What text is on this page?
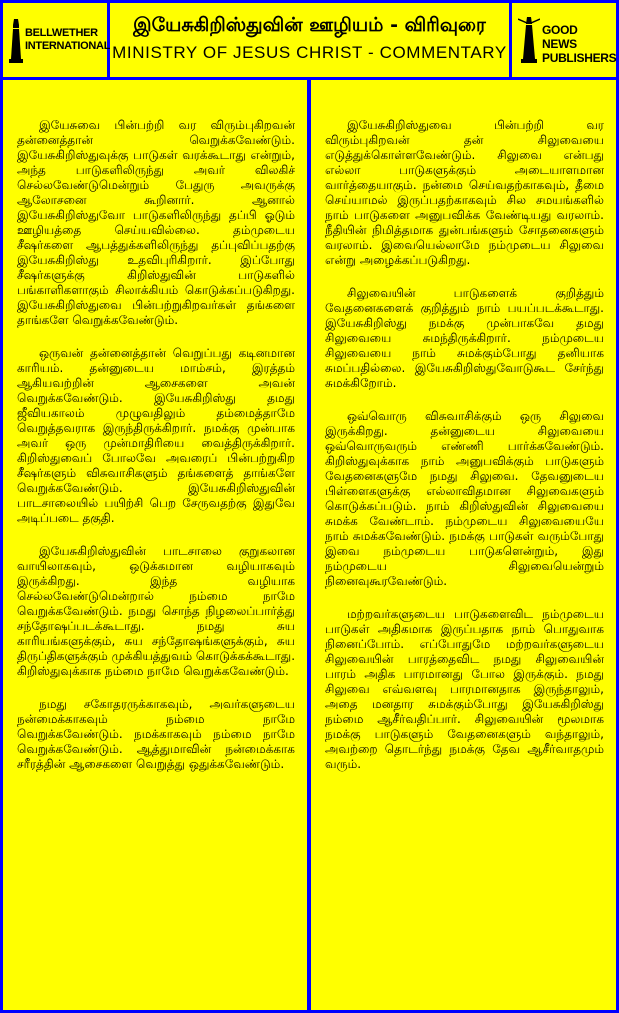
BELLWETHER
INTERNATIONAL
இயேசுகிறிஸ்துவின் ஊழியம் - விரிவுரை
MINISTRY OF JESUS CHRIST - COMMENTARY
GOOD NEWS
PUBLISHERS

இயேசுவை பின்பற்றி வர விரும்புகிறவன் தன்னைத்தான் வெறுக்கவேண்டும். இயேசுகிறிஸ்துவுக்கு பாடுகள் வரக்கூடாது என்றும், அந்த பாடுகளிலிருந்து அவர் விலகிச் செல்லவேண்டுமென்றும் பேதுரு அவருக்கு ஆலோசனை கூறினார். ஆனால் இயேசுகிறிஸ்துவோ பாடுகளிலிருந்து தப்பி ஓடும் ஊழியத்தை செய்யவில்லை. தம்முடைய சீஷர்களை ஆபத்துக்களிலிருந்து தப்புவிப்பதற்கு இயேசுகிறிஸ்து உதவிபுரிகிறார். இப்போது சீஷர்களுக்கு கிறிஸ்துவின் பாடுகளில் பங்காளிகளாகும் சிலாக்கியம் கொடுக்கப்படுகிறது. இயேசுகிறிஸ்துவை பின்பற்றுகிறவர்கள் தங்களை தாங்களே வெறுக்கவேண்டும்.

ஒருவன் தன்னைத்தான் வெறுப்பது கடினமான காரியம். தன்னுடைய மாம்சம், இரத்தம் ஆகியவற்றின் ஆசைகளை அவன் வெறுக்கவேண்டும். இயேசுகிறிஸ்து தமது ஜீவியகாலம் முழுவதிலும் தம்மைத்தாமே வெறுத்தவராக இருந்திருக்கிறார். நமக்கு முன்பாக அவர் ஒரு முன்மாதிரியை வைத்திருக்கிறார். கிறிஸ்துவைப் போலவே அவரைப் பின்பற்றுகிற சீஷர்களும் விசுவாசிகளும் தங்களைத் தாங்களே வெறுக்கவேண்டும். இயேசுகிறிஸ்துவின் பாடசாலையில் பயிற்சி பெற சேருவதற்கு இதுவே அடிப்படை தகுதி.

இயேசுகிறிஸ்துவின் பாடசாலை குறுகலான வாயிலாகவும், ஒடுக்கமான வழியாகவும் இருக்கிறது. இந்த வழியாக செல்லவேண்டுமென்றால் நம்மை நாமே வெறுக்கவேண்டும். நமது சொந்த நிழலைப்பார்த்து சந்தோஷப்படக்கூடாது. நமது சுய காரியங்களுக்கும், சுய சந்தோஷங்களுக்கும், சுய திருப்திகளுக்கும் முக்கியத்துவம் கொடுக்கக்கூடாது. கிறிஸ்துவுக்காக நம்மை நாமே வெறுக்கவேண்டும்.

நமது சகோதரருக்காகவும், அவர்களுடைய நன்மைக்காகவும் நம்மை நாமே வெறுக்கவேண்டும். நமக்காகவும் நம்மை நாமே வெறுக்கவேண்டும். ஆத்துமாவின் நன்மைக்காக சரீரத்தின் ஆசைகளை வெறுத்து ஒதுக்கவேண்டும்.

இயேசுகிறிஸ்துவை பின்பற்றி வர விரும்புகிறவன் தன் சிலுவையை எடுத்துக்கொள்ளவேண்டும். சிலுவை என்பது எல்லா பாடுகளுக்கும் அடையாளமான வார்த்தையாகும். நன்மை செய்வதற்காகவும், தீமை செய்யாமல் இருப்பதற்காகவும் சில சமயங்களில் நாம் பாடுகளை அனுபவிக்க வேண்டியது வரலாம். நீதியின் நிமித்தமாக துன்பங்களும் சோதனைகளும் வரலாம். இவையெல்லாமே நம்முடைய சிலுவை என்று அழைக்கப்படுகிறது.

சிலுவையின் பாடுகளைக் குறித்தும் வேதனைகளைக் குறித்தும் நாம் பயப்படக்கூடாது. இயேசுகிறிஸ்து நமக்கு முன்பாகவே தமது சிலுவையை சுமந்திருக்கிறார். நம்முடைய சிலுவையை நாம் சுமக்கும்போது தனியாக சுமப்பதில்லை. இயேசுகிறிஸ்துவோடுகூட சேர்ந்து சுமக்கிறோம்.

ஒவ்வொரு விசுவாசிக்கும் ஒரு சிலுவை இருக்கிறது. தன்னுடைய சிலுவையை ஒவ்வொருவரும் எண்ணி பார்க்கவேண்டும். கிறிஸ்துவுக்காக நாம் அனுபவிக்கும் பாடுகளும் வேதனைகளுமே நமது சிலுவை. தேவனுடைய பிள்ளைகளுக்கு எல்லாவிதமான சிலுவைகளும் கொடுக்கப்படும். நாம் கிறிஸ்துவின் சிலுவையை சுமக்க வேண்டாம். நம்முடைய சிலுவையையே நாம் சுமக்கவேண்டும். நமக்கு பாடுகள் வரும்போது இவை நம்முடைய பாடுகளென்றும், இது நம்முடைய சிலுவையென்றும் நினைவுகூரவேண்டும்.

மற்றவர்களுடைய பாடுகளைவிட நம்முடைய பாடுகள் அதிகமாக இருப்பதாக நாம் பொதுவாக நினைப்போம். எப்போதுமே மற்றவர்களுடைய சிலுவையின் பாரத்தைவிட நமது சிலுவையின் பாரம் அதிக பாரமானது போல இருக்கும். நமது சிலுவை எவ்வளவு பாரமானதாக இருந்தாலும், அதை மனதார சுமக்கும்போது இயேசுகிறிஸ்து நம்மை ஆசீர்வதிப்பார். சிலுவையின் மூலமாக நமக்கு பாடுகளும் வேதனைகளும் வந்தாலும், அவற்றை தொடர்ந்து நமக்கு தேவ ஆசீர்வாதமும் வரும்.
